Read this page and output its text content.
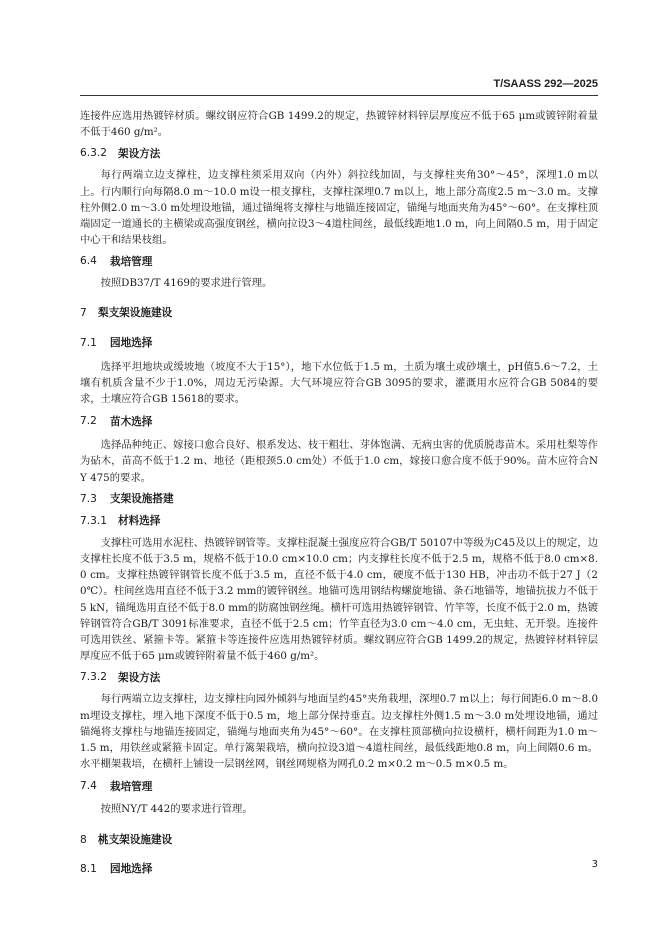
T/SAASS 292—2025

连接件应选用热镀锌材质。螺纹钢应符合GB 1499.2的规定，热镀锌材料锌层厚度应不低于65 μm或镀锌附着量不低于460 g/m²。

6.3.2	架设方法

每行两端立边支撑柱，边支撑柱须采用双向（内外）斜拉线加固，与支撑柱夹角30°～45°，深埋1.0 m以上。行内顺行向每隔8.0 m～10.0 m设一根支撑柱，支撑柱深埋0.7 m以上，地上部分高度2.5 m～3.0 m。支撑柱外侧2.0 m～3.0 m处埋设地锚，通过锚绳将支撑柱与地锚连接固定，锚绳与地面夹角为45°～60°。在支撑柱顶端固定一道通长的主横梁或高强度钢丝，横向拉设3～4道柱间丝，最低线距地1.0 m，向上间隔0.5 m，用于固定中心干和结果枝组。

6.4	栽培管理

按照DB37/T 4169的要求进行管理。

7	梨支架设施建设
7.1	园地选择

选择平坦地块或缓坡地（坡度不大于15°），地下水位低于1.5 m，土质为壤土或砂壤土，pH值5.6～7.2，土壤有机质含量不少于1.0%，周边无污染源。大气环境应符合GB 3095的要求，灌溉用水应符合GB 5084的要求，土壤应符合GB 15618的要求。

7.2	苗木选择

选择品种纯正、嫁接口愈合良好、根系发达、枝干粗壮、芽体饱满、无病虫害的优质脱毒苗木。采用杜梨等作为砧木，苗高不低于1.2 m、地径（距根颈5.0 cm处）不低于1.0 cm，嫁接口愈合度不低于90%。苗木应符合NY 475的要求。

7.3	支架设施搭建
7.3.1	材料选择

支撑柱可选用水泥柱、热镀锌钢管等。支撑柱混凝土强度应符合GB/T 50107中等级为C45及以上的规定，边支撑柱长度不低于3.5 m，规格不低于10.0 cm×10.0 cm；内支撑柱长度不低于2.5 m，规格不低于8.0 cm×8.0 cm。支撑柱热镀锌钢管长度不低于3.5 m，直径不低于4.0 cm，硬度不低于130 HB，冲击功不低于27 J（20℃）。柱间丝选用直径不低于3.2 mm的镀锌钢丝。地锚可选用钢结构螺旋地锚、条石地锚等，地锚抗拔力不低于5 kN，锚绳选用直径不低于8.0 mm的防腐蚀钢丝绳。横杆可选用热镀锌钢管、竹竿等，长度不低于2.0 m，热镀锌钢管符合GB/T 3091标准要求，直径不低于2.5 cm；竹竿直径为3.0 cm～4.0 cm，无虫蛀、无开裂。连接件可选用铁丝、紧箍卡等。紧箍卡等连接件应选用热镀锌材质。螺纹钢应符合GB 1499.2的规定，热镀锌材料锌层厚度应不低于65 μm或镀锌附着量不低于460 g/m²。

7.3.2	架设方法

每行两端立边支撑柱，边支撑柱向园外倾斜与地面呈约45°夹角栽埋，深埋0.7 m以上；每行间距6.0 m～8.0 m埋设支撑柱，埋入地下深度不低于0.5 m，地上部分保持垂直。边支撑柱外侧1.5 m～3.0 m处埋设地锚，通过锚绳将支撑柱与地锚连接固定，锚绳与地面夹角为45°～60°。在支撑柱顶部横向拉设横杆，横杆间距为1.0 m～1.5 m，用铁丝或紧箍卡固定。单行篱架栽培，横向拉设3道～4道柱间丝，最低线距地0.8 m，向上间隔0.6 m。水平棚架栽培，在横杆上铺设一层钢丝网，钢丝网规格为网孔0.2 m×0.2 m～0.5 m×0.5 m。

7.4	栽培管理

按照NY/T 442的要求进行管理。

8	桃支架设施建设
8.1	园地选择	3
